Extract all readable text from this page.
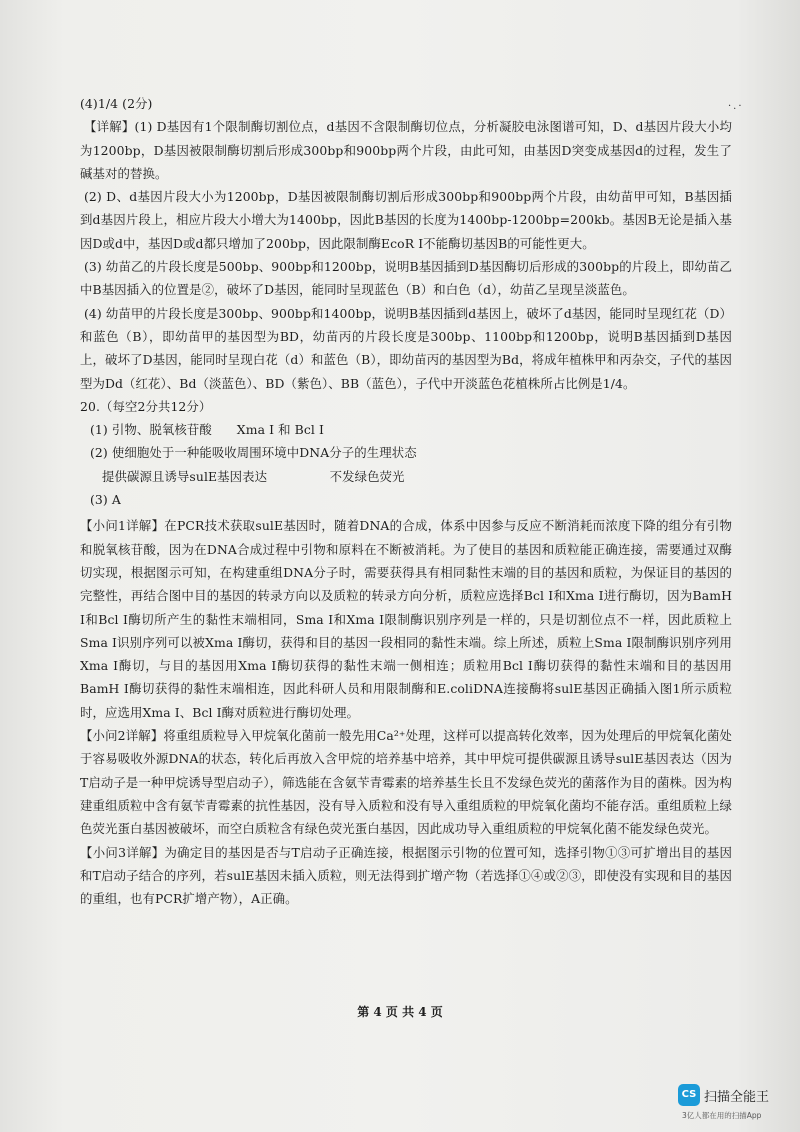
·.·

(4)1/4 (2分)

【详解】(1) D基因有1个限制酶切割位点，d基因不含限制酶切位点，分析凝胶电泳图谱可知，D、d基因片段大小均为1200bp，D基因被限制酶切割后形成300bp和900bp两个片段，由此可知，由基因D突变成基因d的过程，发生了碱基对的替换。

(2) D、d基因片段大小为1200bp，D基因被限制酶切割后形成300bp和900bp两个片段，由幼苗甲可知，B基因插到d基因片段上，相应片段大小增大为1400bp，因此B基因的长度为1400bp-1200bp=200kb。基因B无论是插入基因D或d中，基因D或d都只增加了200bp，因此限制酶EcoR I不能酶切基因B的可能性更大。

(3) 幼苗乙的片段长度是500bp、900bp和1200bp，说明B基因插到D基因酶切后形成的300bp的片段上，即幼苗乙中B基因插入的位置是②，破坏了D基因，能同时呈现蓝色（B）和白色（d），幼苗乙呈现呈淡蓝色。

(4) 幼苗甲的片段长度是300bp、900bp和1400bp，说明B基因插到d基因上，破坏了d基因，能同时呈现红花（D）和蓝色（B），即幼苗甲的基因型为BD，幼苗丙的片段长度是300bp、1100bp和1200bp，说明B基因插到D基因上，破坏了D基因，能同时呈现白花（d）和蓝色（B），即幼苗丙的基因型为Bd，将成年植株甲和丙杂交，子代的基因型为Dd（红花）、Bd（淡蓝色）、BD（紫色）、BB（蓝色），子代中开淡蓝色花植株所占比例是1/4。

20.（每空2分共12分）

(1) 引物、脱氧核苷酸　　Xma I 和 Bcl I

(2) 使细胞处于一种能吸收周围环境中DNA分子的生理状态

提供碳源且诱导sulE基因表达　　　　　不发绿色荧光

(3) A

【小问1详解】在PCR技术获取sulE基因时，随着DNA的合成，体系中因参与反应不断消耗而浓度下降的组分有引物和脱氧核苷酸，因为在DNA合成过程中引物和原料在不断被消耗。为了使目的基因和质粒能正确连接，需要通过双酶切实现，根据图示可知，在构建重组DNA分子时，需要获得具有相同黏性末端的目的基因和质粒，为保证目的基因的完整性，再结合图中目的基因的转录方向以及质粒的转录方向分析，质粒应选择Bcl I和Xma I进行酶切，因为BamH I和Bcl I酶切所产生的黏性末端相同，Sma I和Xma I限制酶识别序列是一样的，只是切割位点不一样，因此质粒上Sma I识别序列可以被Xma I酶切，获得和目的基因一段相同的黏性末端。综上所述，质粒上Sma I限制酶识别序列用Xma I酶切，与目的基因用Xma I酶切获得的黏性末端一侧相连；质粒用Bcl I酶切获得的黏性末端和目的基因用BamH I酶切获得的黏性末端相连，因此科研人员和用限制酶和E.coliDNA连接酶将sulE基因正确插入图1所示质粒时，应选用Xma I、Bcl I酶对质粒进行酶切处理。

【小问2详解】将重组质粒导入甲烷氧化菌前一般先用Ca²⁺处理，这样可以提高转化效率，因为处理后的甲烷氧化菌处于容易吸收外源DNA的状态，转化后再放入含甲烷的培养基中培养，其中甲烷可提供碳源且诱导sulE基因表达（因为T启动子是一种甲烷诱导型启动子），筛选能在含氨苄青霉素的培养基生长且不发绿色荧光的菌落作为目的菌株。因为构建重组质粒中含有氨苄青霉素的抗性基因，没有导入质粒和没有导入重组质粒的甲烷氧化菌均不能存活。重组质粒上绿色荧光蛋白基因被破坏，而空白质粒含有绿色荧光蛋白基因，因此成功导入重组质粒的甲烷氧化菌不能发绿色荧光。

【小问3详解】为确定目的基因是否与T启动子正确连接，根据图示引物的位置可知，选择引物①③可扩增出目的基因和T启动子结合的序列，若sulE基因未插入质粒，则无法得到扩增产物（若选择①④或②③，即使没有实现和目的基因的重组，也有PCR扩增产物），A正确。

第 4 页 共 4 页
CS 扫描全能王
3亿人都在用的扫描App
